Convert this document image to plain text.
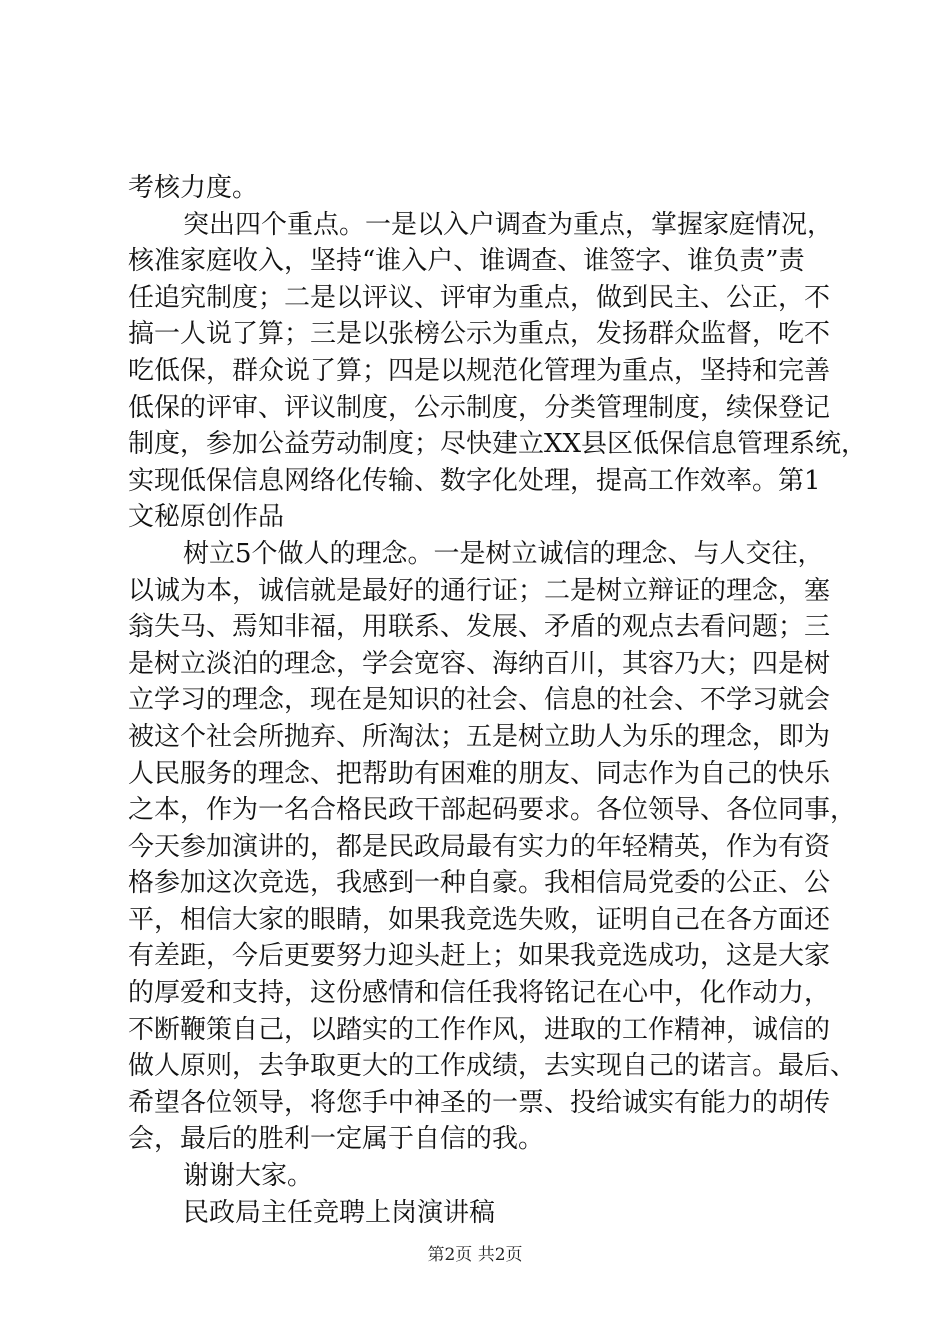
考核力度。
突出四个重点。一是以入户调查为重点，掌握家庭情况，
核准家庭收入，坚持“谁入户、谁调查、谁签字、谁负责”责
任追究制度；二是以评议、评审为重点，做到民主、公正，不
搞一人说了算；三是以张榜公示为重点，发扬群众监督，吃不
吃低保，群众说了算；四是以规范化管理为重点，坚持和完善
低保的评审、评议制度，公示制度，分类管理制度，续保登记
制度，参加公益劳动制度；尽快建立XX县区低保信息管理系统，
实现低保信息网络化传输、数字化处理，提高工作效率。第1
文秘原创作品
树立5个做人的理念。一是树立诚信的理念、与人交往，
以诚为本，诚信就是最好的通行证；二是树立辩证的理念，塞
翁失马、焉知非福，用联系、发展、矛盾的观点去看问题；三
是树立淡泊的理念，学会宽容、海纳百川，其容乃大；四是树
立学习的理念，现在是知识的社会、信息的社会、不学习就会
被这个社会所抛弃、所淘汰；五是树立助人为乐的理念，即为
人民服务的理念、把帮助有困难的朋友、同志作为自己的快乐
之本，作为一名合格民政干部起码要求。各位领导、各位同事，
今天参加演讲的，都是民政局最有实力的年轻精英，作为有资
格参加这次竞选，我感到一种自豪。我相信局党委的公正、公
平，相信大家的眼睛，如果我竞选失败，证明自己在各方面还
有差距，今后更要努力迎头赶上；如果我竞选成功，这是大家
的厚爱和支持，这份感情和信任我将铭记在心中，化作动力，
不断鞭策自己，以踏实的工作作风，进取的工作精神，诚信的
做人原则，去争取更大的工作成绩，去实现自己的诺言。最后、
希望各位领导，将您手中神圣的一票、投给诚实有能力的胡传
会，最后的胜利一定属于自信的我。
谢谢大家。
民政局主任竞聘上岗演讲稿
第2页 共2页
